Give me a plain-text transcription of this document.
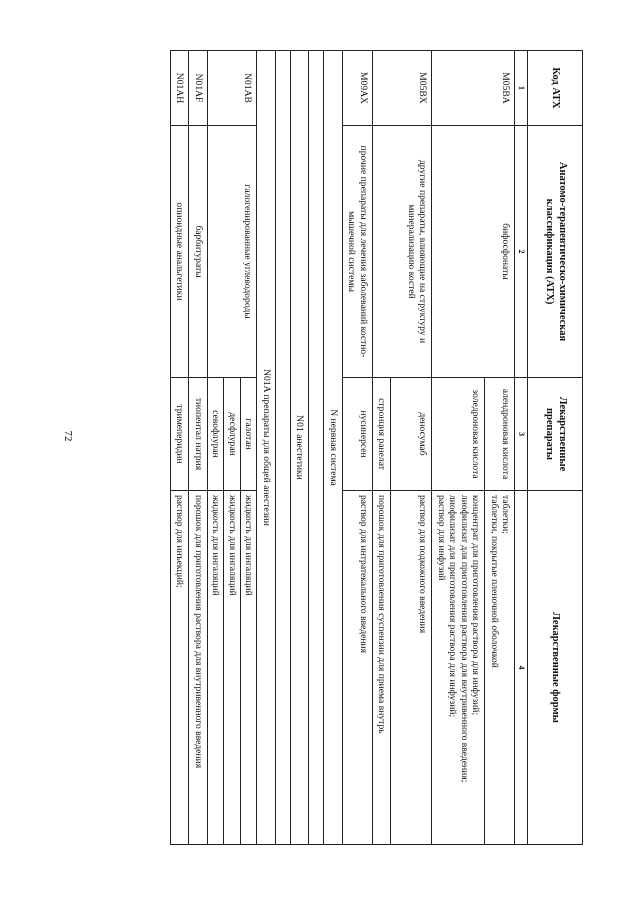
72
Код АТХ	Анатомо-терапевтическо-химическая классификация (АТХ)	Лекарственные препараты	Лекарственные формы
1	2	3	4
M05BA	бифосфонаты	алендроновая кислота	таблетки;
таблетки, покрытые пленочной оболочкой
		золедроновая кислота	концентрат для приготовления раствора для инфузий;
лиофилизат для приготовления раствора для внутривенного введения;
лиофилизат для приготовления раствора для инфузий;
раствор для инфузий
M05BX	другие препараты, влияющие на структуру и минерализацию костей	деносумаб	раствор для подкожного введения
		стронция ранелат	порошок для приготовления суспензии для приема внутрь
M09AX	прочие препараты для лечения заболеваний костно-мышечной системы	нусинерсен	раствор для интратекального введения
N нервная система			

N01 анестетики			

N01A препараты для общей анестезии			
N01AB	галогенированные углеводороды	галотан	жидкость для ингаляций
		десфлуран	жидкость для ингаляций
		севофлуран	жидкость для ингаляций
N01AF	барбитураты	тиопентал натрия	порошок для приготовления раствора для внутривенного введения
N01AH	опиоидные анальгетики	тримеперидин	раствор для инъекций;
